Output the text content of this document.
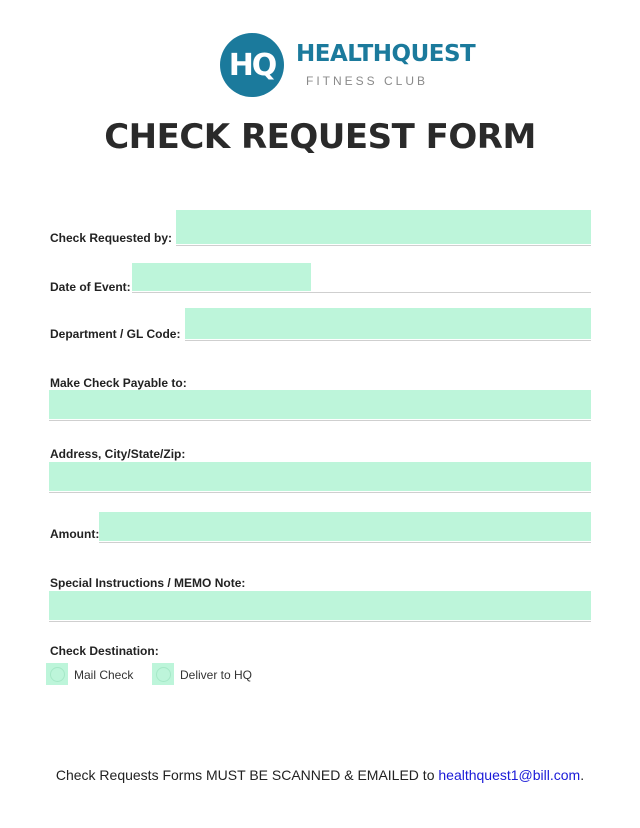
HQ HEALTHQUEST
FITNESS CLUB
CHECK REQUEST FORM
Check Requested by:
Date of Event:
Department / GL Code:
Make Check Payable to:
Address, City/State/Zip:
Amount:
Special Instructions / MEMO Note:
Check Destination:
Mail Check	Deliver to HQ
Check Requests Forms MUST BE SCANNED & EMAILED to healthquest1@bill.com.
